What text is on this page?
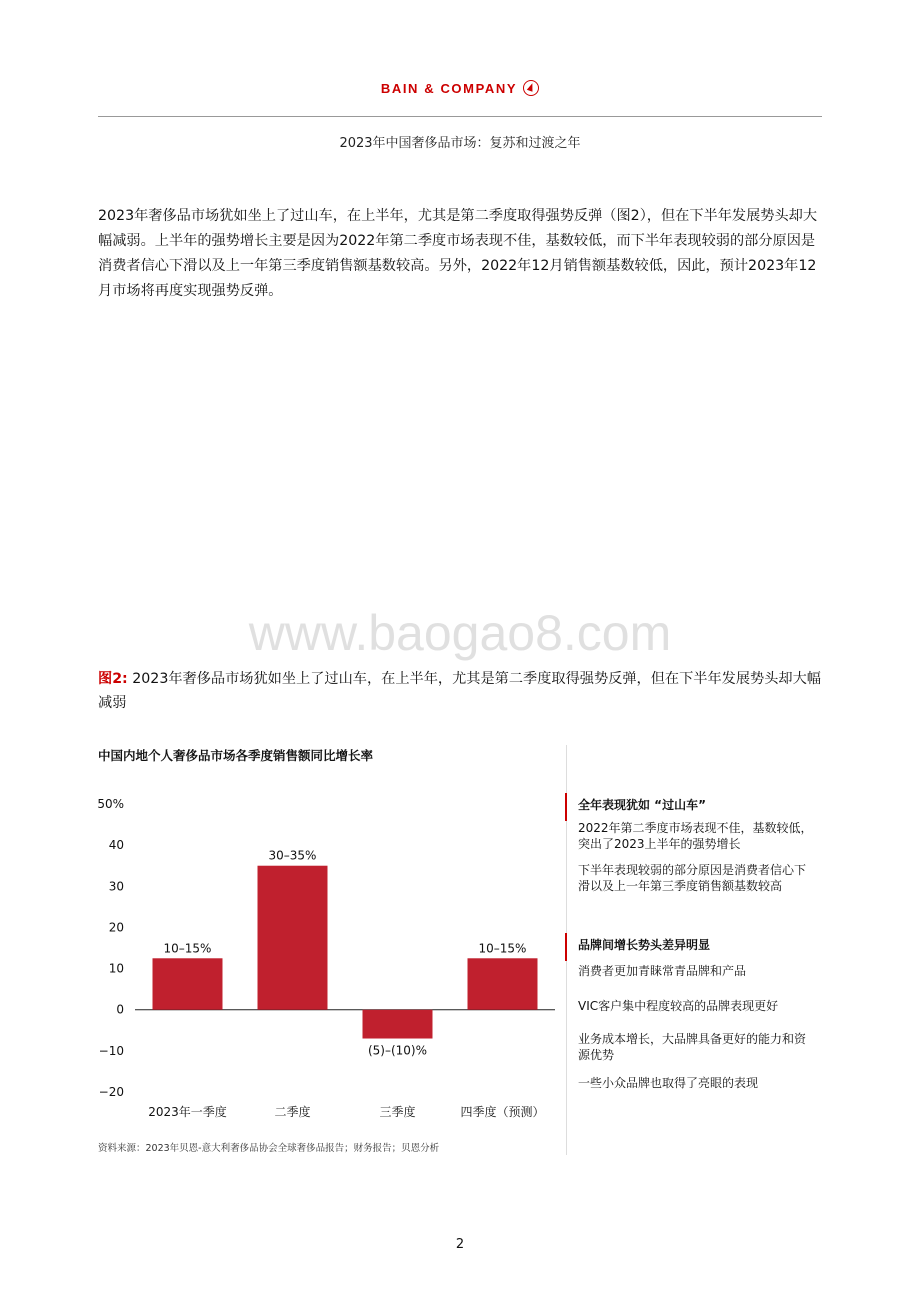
BAIN & COMPANY
2023年中国奢侈品市场：复苏和过渡之年
2023年奢侈品市场犹如坐上了过山车，在上半年，尤其是第二季度取得强势反弹（图2），但在下半年发展势头却大幅减弱。上半年的强势增长主要是因为2022年第二季度市场表现不佳，基数较低，而下半年表现较弱的部分原因是消费者信心下滑以及上一年第三季度销售额基数较高。另外，2022年12月销售额基数较低，因此，预计2023年12月市场将再度实现强势反弹。
www.baogao8.com
图2: 2023年奢侈品市场犹如坐上了过山车，在上半年，尤其是第二季度取得强势反弹，但在下半年发展势头却大幅减弱
中国内地个人奢侈品市场各季度销售额同比增长率
50%
40
30
20
10
0
−10
−20
10–15%
2023年一季度
30–35%
二季度
(5)–(10)%
三季度
10–15%
四季度（预测）
资料来源：2023年贝恩-意大利奢侈品协会全球奢侈品报告；财务报告；贝恩分析
全年表现犹如 “过山车”
2022年第二季度市场表现不佳，基数较低，突出了2023上半年的强势增长
下半年表现较弱的部分原因是消费者信心下滑以及上一年第三季度销售额基数较高
品牌间增长势头差异明显
消费者更加青睐常青品牌和产品
VIC客户集中程度较高的品牌表现更好
业务成本增长，大品牌具备更好的能力和资源优势
一些小众品牌也取得了亮眼的表现
2
